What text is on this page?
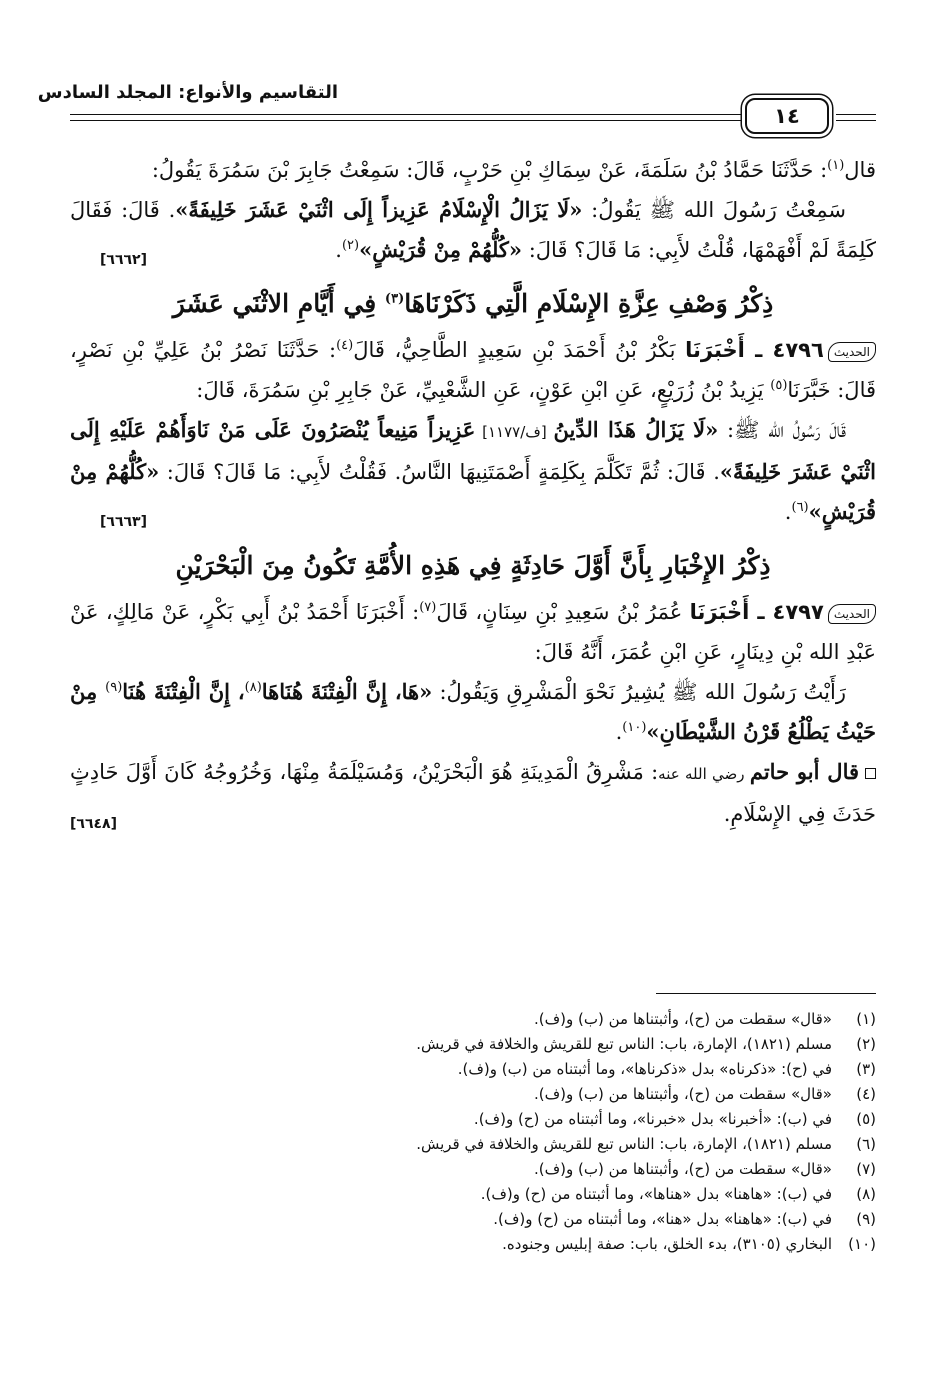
التقاسيم والأنواع: المجلد السادس
١٤

قال$^{(١)}$: حَدَّثَنَا حَمَّادُ بْنُ سَلَمَةَ، عَنْ سِمَاكِ بْنِ حَرْبٍ، قَالَ: سَمِعْتُ جَابِرَ بْنَ سَمُرَةَ يَقُولُ:

سَمِعْتُ رَسُولَ الله ﷺ يَقُولُ: «لَا يَزَالُ الْإِسْلَامُ عَزِيزاً إِلَى اثْنَيْ عَشَرَ خَلِيفَةً». قَالَ: فَقَالَ كَلِمَةً لَمْ أَفْهَمْهَا، قُلْتُ لأَبِي: مَا قَالَ؟ قَالَ: «كُلُّهُمْ مِنْ قُرَيْشٍ»$^{(٢)}$.
[٦٦٦٢]

ذِكْرُ وَصْفِ عِزَّةِ الإِسْلَامِ الَّتِي ذَكَرْنَاهَا$^{(٣)}$ فِي أَيَّامِ الاثْنَي عَشَرَ

الحديث٤٧٩٦ ـ أَخْبَرَنَا بَكْرُ بْنُ أَحْمَدَ بْنِ سَعِيدٍ الطَّاحِيُّ، قَالَ$^{(٤)}$: حَدَّثَنَا نَصْرُ بْنُ عَلِيِّ بْنِ نَصْرٍ، قَالَ: خَبَّرَنَا$^{(٥)}$ يَزِيدُ بْنُ زُرَيْعٍ، عَنِ ابْنِ عَوْنٍ، عَنِ الشَّعْبِيِّ، عَنْ جَابِرِ بْنِ سَمُرَةَ، قَالَ:

قَالَ رَسُولُ الله ﷺ: «لَا يَزَالُ هَذَا الدِّينُ [ف/١١٧٧] عَزِيزاً مَنِيعاً يُنْصَرُونَ عَلَى مَنْ نَاوَأَهُمْ عَلَيْهِ إِلَى اثْنَيْ عَشَرَ خَلِيفَةً». قَالَ: ثُمَّ تَكَلَّمَ بِكَلِمَةٍ أَصْمَتَنِيهَا النَّاسُ. فَقُلْتُ لأَبِي: مَا قَالَ؟ قَالَ: «كُلُّهُمْ مِنْ قُرَيْشٍ»$^{(٦)}$.
[٦٦٦٣]

ذِكْرُ الإِخْبَارِ بِأَنَّ أَوَّلَ حَادِثَةٍ فِي هَذِهِ الأُمَّةِ تَكُونُ مِنَ الْبَحْرَيْنِ

الحديث٤٧٩٧ ـ أَخْبَرَنَا عُمَرُ بْنُ سَعِيدِ بْنِ سِنَانٍ، قَالَ$^{(٧)}$: أَخْبَرَنَا أَحْمَدُ بْنُ أَبِي بَكْرٍ، عَنْ مَالِكٍ، عَنْ عَبْدِ الله بْنِ دِينَارٍ، عَنِ ابْنِ عُمَرَ، أَنَّهُ قَالَ:

رَأَيْتُ رَسُولَ الله ﷺ يُشِيرُ نَحْوَ الْمَشْرِقِ وَيَقُولُ: «هَا، إِنَّ الْفِتْنَةَ هُنَاهَا$^{(٨)}$، إِنَّ الْفِتْنَةَ هُنَا$^{(٩)}$ مِنْ حَيْثُ يَطْلُعُ قَرْنُ الشَّيْطَانِ»$^{(١٠)}$.

قال أبو حاتم رضي الله عنه: مَشْرِقُ الْمَدِينَةِ هُوَ الْبَحْرَيْنُ، وَمُسَيْلَمَةُ مِنْهَا، وَخُرُوجُهُ كَانَ أَوَّلَ حَادِثٍ حَدَثَ فِي الإِسْلَامِ.
[٦٦٤٨]

(١)«قال» سقطت من (ح)، وأثبتناها من (ب) و(ف).
(٢)مسلم (١٨٢١)، الإمارة، باب: الناس تبع للقريش والخلافة في قريش.
(٣)في (ح): «ذكرناه» بدل «ذكرناها»، وما أثبتناه من (ب) و(ف).
(٤)«قال» سقطت من (ح)، وأثبتناها من (ب) و(ف).
(٥)في (ب): «أخبرنا» بدل «خبرنا»، وما أثبتناه من (ح) و(ف).
(٦)مسلم (١٨٢١)، الإمارة، باب: الناس تبع للقريش والخلافة في قريش.
(٧)«قال» سقطت من (ح)، وأثبتناها من (ب) و(ف).
(٨)في (ب): «هاهنا» بدل «هناها»، وما أثبتناه من (ح) و(ف).
(٩)في (ب): «هاهنا» بدل «هنا»، وما أثبتناه من (ح) و(ف).
(١٠)البخاري (٣١٠٥)، بدء الخلق، باب: صفة إبليس وجنوده.
